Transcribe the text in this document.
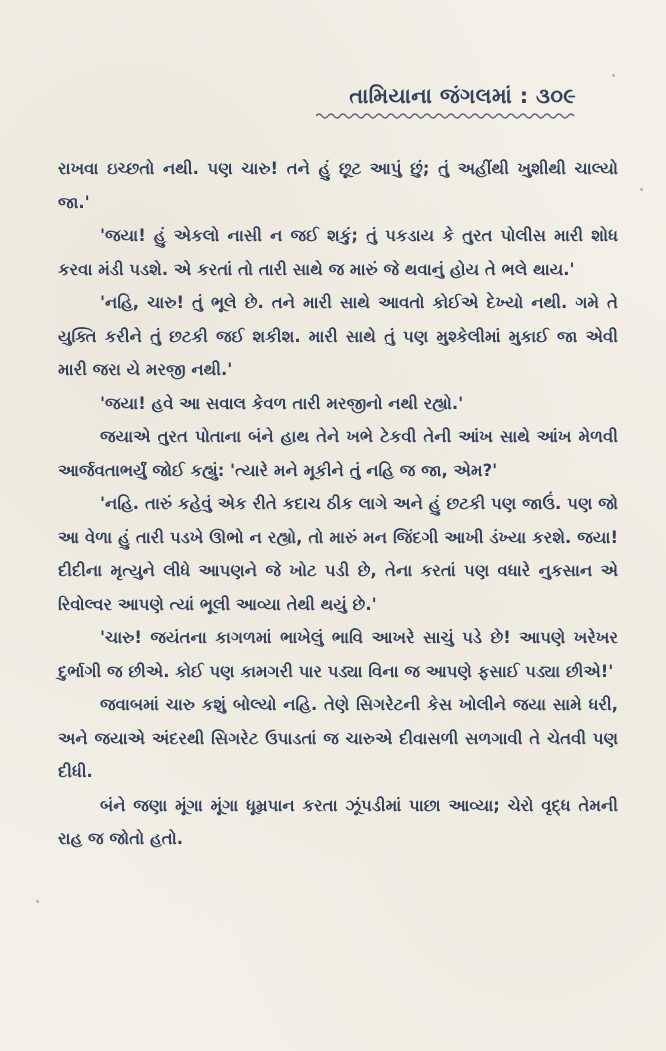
તામિયાના જંગલમાં : ૩૦૯

રાખવા ઇચ્છતો નથી. પણ ચારુ! તને હું છૂટ આપું છું; તું અહીંથી ખુશીથી ચાલ્યો જા.'

'જયા! હું એકલો નાસી ન જઈ શકું; તું પકડાય કે તુરત પોલીસ મારી શોધ કરવા મંડી પડશે. એ કરતાં તો તારી સાથે જ મારું જે થવાનું હોય તે ભલે થાય.'

'નહિ, ચારુ! તું ભૂલે છે. તને મારી સાથે આવતો કોઈએ દેખ્યો નથી. ગમે તે યુક્તિ કરીને તું છટકી જઈ શકીશ. મારી સાથે તું પણ મુશ્કેલીમાં મુકાઈ જા એવી મારી જરા યે મરજી નથી.'

'જયા! હવે આ સવાલ કેવળ તારી મરજીનો નથી રહ્યો.'

જયાએ તુરત પોતાના બંને હાથ તેને ખભે ટેકવી તેની આંખ સાથે આંખ મેળવી આર્જવતાભર્યું જોઈ કહ્યું: 'ત્યારે મને મૂકીને તું નહિ જ જા, એમ?'

'નહિ. તારું કહેવું એક રીતે કદાચ ઠીક લાગે અને હું છટકી પણ જાઉં. પણ જો આ વેળા હું તારી પડખે ઊભો ન રહ્યો, તો મારું મન જિંદગી આખી ડંખ્યા કરશે. જયા! દીદીના મૃત્યુને લીધે આપણને જે ખોટ પડી છે, તેના કરતાં પણ વધારે નુકસાન એ રિવોલ્વર આપણે ત્યાં ભૂલી આવ્યા તેથી થયું છે.'

'ચારુ! જયંતના કાગળમાં ભાખેલું ભાવિ આખરે સાચું પડે છે! આપણે ખરેખર દુર્ભાગી જ છીએ. કોઈ પણ કામગરી પાર પડ્યા વિના જ આપણે ફસાઈ પડ્યા છીએ!'

જવાબમાં ચારુ કશું બોલ્યો નહિ. તેણે સિગરેટની કેસ ખોલીને જયા સામે ધરી, અને જયાએ અંદરથી સિગરેટ ઉપાડતાં જ ચારુએ દીવાસળી સળગાવી તે ચેતવી પણ દીધી.

બંને જણા મૂંગા મૂંગા ધૂમ્રપાન કરતા ઝૂંપડીમાં પાછા આવ્યા; ચેરો વૃદ્ધ તેમની રાહ જ જોતો હતો.
